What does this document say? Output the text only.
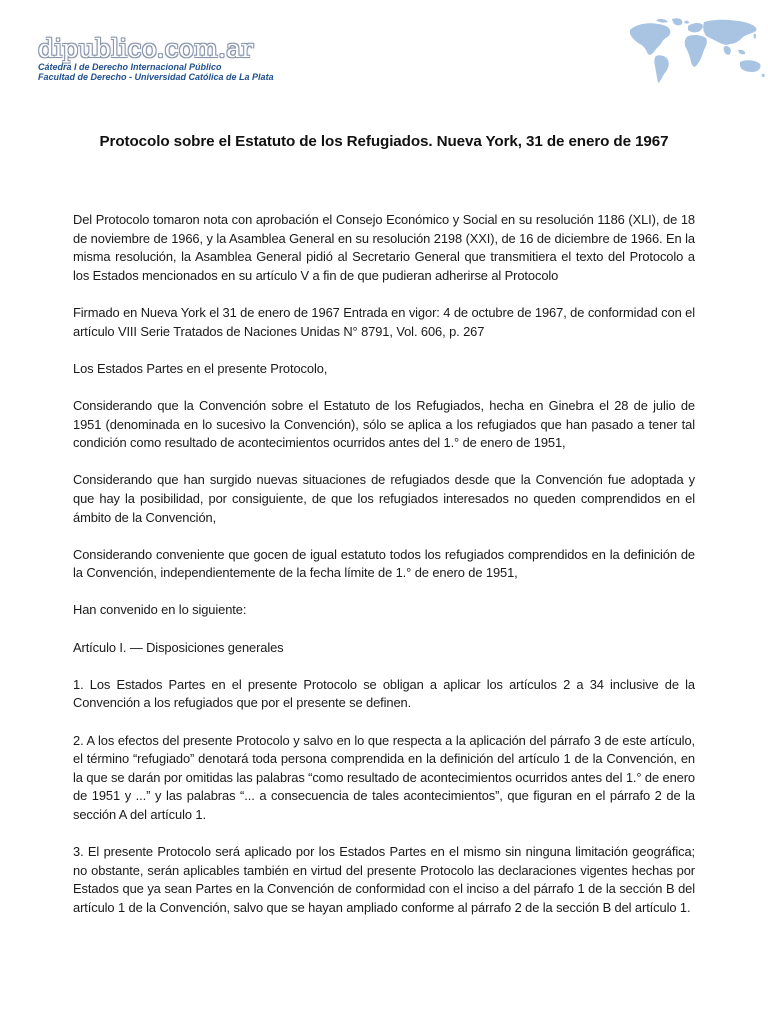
dipublico.com.ar
Cátedra I de Derecho Internacional Público
Facultad de Derecho - Universidad Católica de La Plata
Protocolo sobre el Estatuto de los Refugiados. Nueva York, 31 de enero de 1967

Del Protocolo tomaron nota con aprobación el Consejo Económico y Social en su resolución 1186 (XLI), de 18 de noviembre de 1966, y la Asamblea General en su resolución 2198 (XXI), de 16 de diciembre de 1966. En la misma resolución, la Asamblea General pidió al Secretario General que transmitiera el texto del Protocolo a los Estados mencionados en su artículo V a fin de que pudieran adherirse al Protocolo

Firmado en Nueva York el 31 de enero de 1967 Entrada en vigor: 4 de octubre de 1967, de conformidad con el artículo VIII Serie Tratados de Naciones Unidas N° 8791, Vol. 606, p. 267

Los Estados Partes en el presente Protocolo,

Considerando que la Convención sobre el Estatuto de los Refugiados, hecha en Ginebra el 28 de julio de 1951 (denominada en lo sucesivo la Convención), sólo se aplica a los refugiados que han pasado a tener tal condición como resultado de acontecimientos ocurridos antes del 1.° de enero de 1951,

Considerando que han surgido nuevas situaciones de refugiados desde que la Convención fue adoptada y que hay la posibilidad, por consiguiente, de que los refugiados interesados no queden comprendidos en el ámbito de la Convención,

Considerando conveniente que gocen de igual estatuto todos los refugiados comprendidos en la definición de la Convención, independientemente de la fecha límite de 1.° de enero de 1951,

Han convenido en lo siguiente:

Artículo I. — Disposiciones generales

1. Los Estados Partes en el presente Protocolo se obligan a aplicar los artículos 2 a 34 inclusive de la Convención a los refugiados que por el presente se definen.

2. A los efectos del presente Protocolo y salvo en lo que respecta a la aplicación del párrafo 3 de este artículo, el término “refugiado” denotará toda persona comprendida en la definición del artículo 1 de la Convención, en la que se darán por omitidas las palabras “como resultado de acontecimientos ocurridos antes del 1.° de enero de 1951 y ...” y las palabras “... a consecuencia de tales acontecimientos”, que figuran en el párrafo 2 de la sección A del artículo 1.

3. El presente Protocolo será aplicado por los Estados Partes en el mismo sin ninguna limitación geográfica; no obstante, serán aplicables también en virtud del presente Protocolo las declaraciones vigentes hechas por Estados que ya sean Partes en la Convención de conformidad con el inciso a del párrafo 1 de la sección B del artículo 1 de la Convención, salvo que se hayan ampliado conforme al párrafo 2 de la sección B del artículo 1.
